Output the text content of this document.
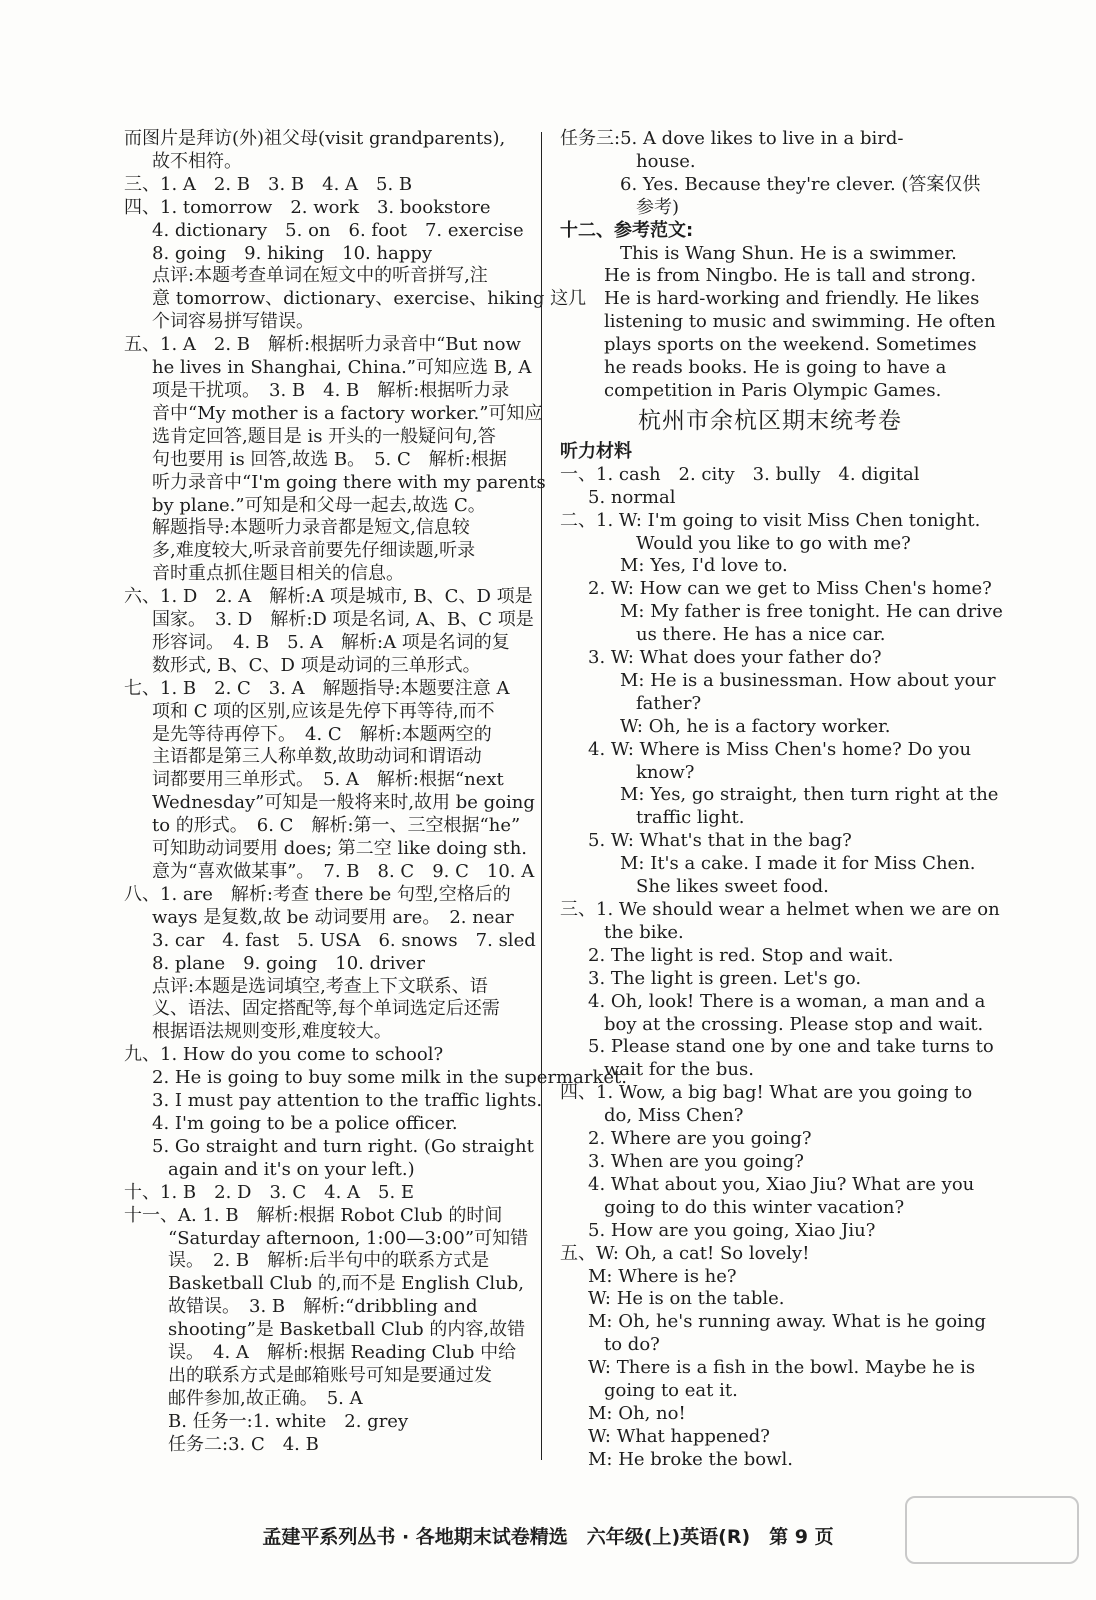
而图片是拜访(外)祖父母(visit grandparents),
故不相符。
三、1. A　2. B　3. B　4. A　5. B
四、1. tomorrow　2. work　3. bookstore
4. dictionary　5. on　6. foot　7. exercise
8. going　9. hiking　10. happy
点评:本题考查单词在短文中的听音拼写,注
意 tomorrow、dictionary、exercise、hiking 这几
个词容易拼写错误。
五、1. A　2. B　解析:根据听力录音中“But now
he lives in Shanghai, China.”可知应选 B, A
项是干扰项。　3. B　4. B　解析:根据听力录
音中“My mother is a factory worker.”可知应
选肯定回答,题目是 is 开头的一般疑问句,答
句也要用 is 回答,故选 B。　5. C　解析:根据
听力录音中“I'm going there with my parents
by plane.”可知是和父母一起去,故选 C。
解题指导:本题听力录音都是短文,信息较
多,难度较大,听录音前要先仔细读题,听录
音时重点抓住题目相关的信息。
六、1. D　2. A　解析:A 项是城市, B、C、D 项是
国家。　3. D　解析:D 项是名词, A、B、C 项是
形容词。　4. B　5. A　解析:A 项是名词的复
数形式, B、C、D 项是动词的三单形式。
七、1. B　2. C　3. A　解题指导:本题要注意 A
项和 C 项的区别,应该是先停下再等待,而不
是先等待再停下。　4. C　解析:本题两空的
主语都是第三人称单数,故助动词和谓语动
词都要用三单形式。　5. A　解析:根据“next
Wednesday”可知是一般将来时,故用 be going
to 的形式。　6. C　解析:第一、三空根据“he”
可知助动词要用 does; 第二空 like doing sth.
意为“喜欢做某事”。　7. B　8. C　9. C　10. A
八、1. are　解析:考查 there be 句型,空格后的
ways 是复数,故 be 动词要用 are。　2. near
3. car　4. fast　5. USA　6. snows　7. sled
8. plane　9. going　10. driver
点评:本题是选词填空,考查上下文联系、语
义、语法、固定搭配等,每个单词选定后还需
根据语法规则变形,难度较大。
九、1. How do you come to school?
2. He is going to buy some milk in the supermarket.
3. I must pay attention to the traffic lights.
4. I'm going to be a police officer.
5. Go straight and turn right. (Go straight
again and it's on your left.)
十、1. B　2. D　3. C　4. A　5. E
十一、A. 1. B　解析:根据 Robot Club 的时间
“Saturday afternoon, 1:00—3:00”可知错
误。　2. B　解析:后半句中的联系方式是
Basketball Club 的,而不是 English Club,
故错误。　3. B　解析:“dribbling and
shooting”是 Basketball Club 的内容,故错
误。　4. A　解析:根据 Reading Club 中给
出的联系方式是邮箱账号可知是要通过发
邮件参加,故正确。　5. A
B. 任务一:1. white　2. grey
任务二:3. C　4. B
任务三:5. A dove likes to live in a bird-
house.
6. Yes. Because they're clever. (答案仅供
参考)
十二、参考范文:
This is Wang Shun. He is a swimmer.
He is from Ningbo. He is tall and strong.
He is hard-working and friendly. He likes
listening to music and swimming. He often
plays sports on the weekend. Sometimes
he reads books. He is going to have a
competition in Paris Olympic Games.
杭州市余杭区期末统考卷
听力材料
一、1. cash　2. city　3. bully　4. digital
5. normal
二、1. W: I'm going to visit Miss Chen tonight.
Would you like to go with me?
M: Yes, I'd love to.
2. W: How can we get to Miss Chen's home?
M: My father is free tonight. He can drive
us there. He has a nice car.
3. W: What does your father do?
M: He is a businessman. How about your
father?
W: Oh, he is a factory worker.
4. W: Where is Miss Chen's home? Do you
know?
M: Yes, go straight, then turn right at the
traffic light.
5. W: What's that in the bag?
M: It's a cake. I made it for Miss Chen.
She likes sweet food.
三、1. We should wear a helmet when we are on
the bike.
2. The light is red. Stop and wait.
3. The light is green. Let's go.
4. Oh, look! There is a woman, a man and a
boy at the crossing. Please stop and wait.
5. Please stand one by one and take turns to
wait for the bus.
四、1. Wow, a big bag! What are you going to
do, Miss Chen?
2. Where are you going?
3. When are you going?
4. What about you, Xiao Jiu? What are you
going to do this winter vacation?
5. How are you going, Xiao Jiu?
五、W: Oh, a cat! So lovely!
M: Where is he?
W: He is on the table.
M: Oh, he's running away. What is he going
to do?
W: There is a fish in the bowl. Maybe he is
going to eat it.
M: Oh, no!
W: What happened?
M: He broke the bowl.
孟建平系列丛书 · 各地期末试卷精选　六年级(上)英语(R)　第 9 页
